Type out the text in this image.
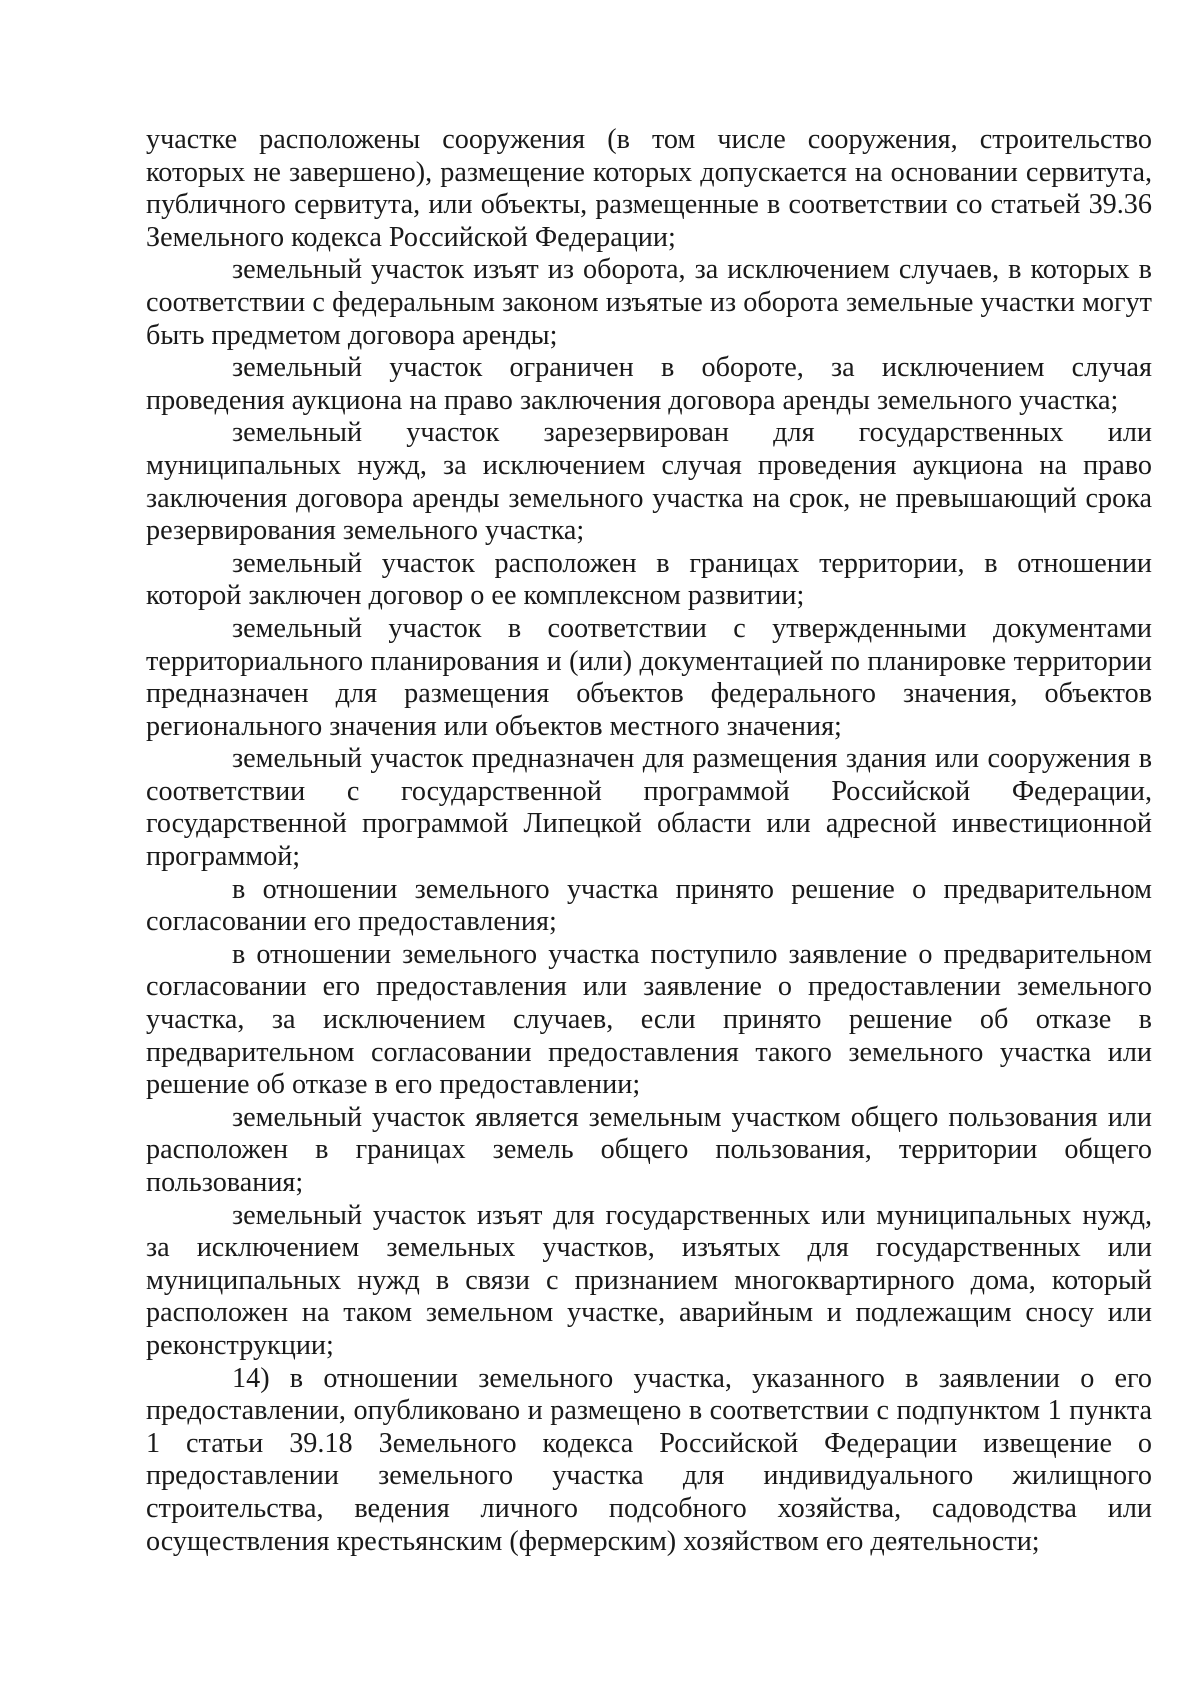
участке расположены сооружения (в том числе сооружения, строительство которых не завершено), размещение которых допускается на основании сервитута, публичного сервитута, или объекты, размещенные в соответствии со статьей 39.36 Земельного кодекса Российской Федерации;

земельный участок изъят из оборота, за исключением случаев, в которых в соответствии с федеральным законом изъятые из оборота земельные участки могут быть предметом договора аренды;

земельный участок ограничен в обороте, за исключением случая проведения аукциона на право заключения договора аренды земельного участка;

земельный участок зарезервирован для государственных или муниципальных нужд, за исключением случая проведения аукциона на право заключения договора аренды земельного участка на срок, не превышающий срока резервирования земельного участка;

земельный участок расположен в границах территории, в отношении которой заключен договор о ее комплексном развитии;

земельный участок в соответствии с утвержденными документами территориального планирования и (или) документацией по планировке территории предназначен для размещения объектов федерального значения, объектов регионального значения или объектов местного значения;

земельный участок предназначен для размещения здания или сооружения в соответствии с государственной программой Российской Федерации, государственной программой Липецкой области или адресной инвестиционной программой;

в отношении земельного участка принято решение о предварительном согласовании его предоставления;

в отношении земельного участка поступило заявление о предварительном согласовании его предоставления или заявление о предоставлении земельного участка, за исключением случаев, если принято решение об отказе в предварительном согласовании предоставления такого земельного участка или решение об отказе в его предоставлении;

земельный участок является земельным участком общего пользования или расположен в границах земель общего пользования, территории общего пользования;

земельный участок изъят для государственных или муниципальных нужд, за исключением земельных участков, изъятых для государственных или муниципальных нужд в связи с признанием многоквартирного дома, который расположен на таком земельном участке, аварийным и подлежащим сносу или реконструкции;

14) в отношении земельного участка, указанного в заявлении о его предоставлении, опубликовано и размещено в соответствии с подпунктом 1 пункта 1 статьи 39.18 Земельного кодекса Российской Федерации извещение о предоставлении земельного участка для индивидуального жилищного строительства, ведения личного подсобного хозяйства, садоводства или осуществления крестьянским (фермерским) хозяйством его деятельности;
